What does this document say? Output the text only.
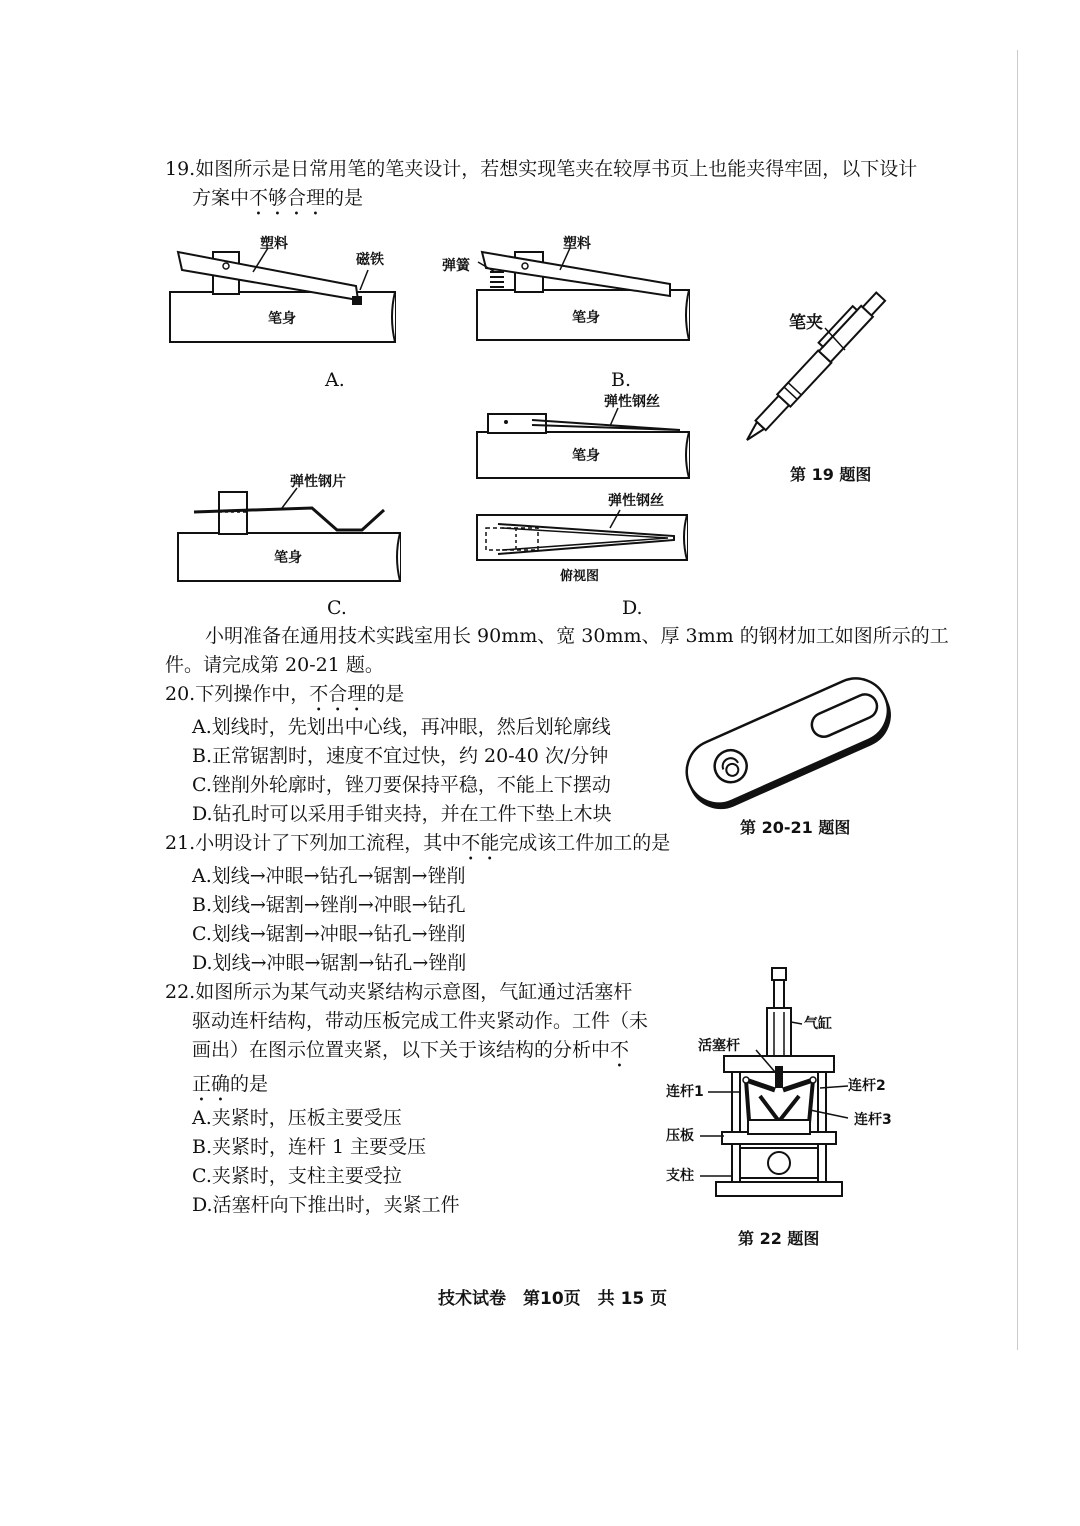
19.如图所示是日常用笔的笔夹设计，若想实现笔夹在较厚书页上也能夹得牢固，以下设计
方案中不够合理的是
塑料
磁铁
笔身
A.
弹簧
塑料
笔身
B.
笔夹
第 19 题图
弹性钢丝
笔身
弹性钢丝
俯视图
D.
弹性钢片
笔身
C.
小明准备在通用技术实践室用长 90mm、宽 30mm、厚 3mm 的钢材加工如图所示的工
件。请完成第 20-21 题。
20.下列操作中，不合理的是
A.划线时，先划出中心线，再冲眼，然后划轮廓线
B.正常锯割时，速度不宜过快，约 20-40 次/分钟
C.锉削外轮廓时，锉刀要保持平稳，不能上下摆动
D.钻孔时可以采用手钳夹持，并在工件下垫上木块
第 20-21 题图
21.小明设计了下列加工流程，其中不能完成该工件加工的是
A.划线→冲眼→钻孔→锯割→锉削
B.划线→锯割→锉削→冲眼→钻孔
C.划线→锯割→冲眼→钻孔→锉削
D.划线→冲眼→锯割→钻孔→锉削
22.如图所示为某气动夹紧结构示意图，气缸通过活塞杆
驱动连杆结构，带动压板完成工件夹紧动作。工件（未
画出）在图示位置夹紧，以下关于该结构的分析中不
正确的是
A.夹紧时，压板主要受压
B.夹紧时，连杆 1 主要受压
C.夹紧时，支柱主要受拉
D.活塞杆向下推出时，夹紧工件
气缸
活塞杆
连杆1	连杆2
连杆3
压板
支柱
第 22 题图
技术试卷　第10页　共 15 页
